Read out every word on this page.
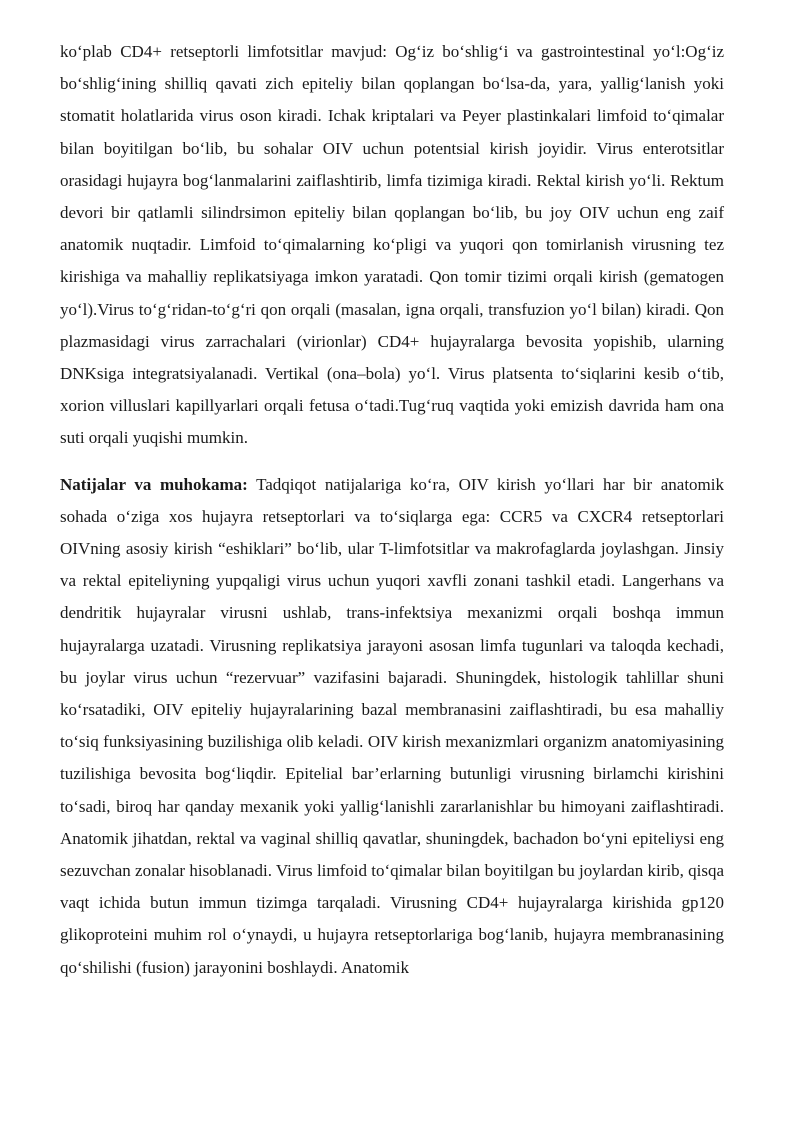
ko‘plab CD4+ retseptorli limfotsitlar mavjud: Og‘iz bo‘shlig‘i va gastrointestinal yo‘l:Og‘iz bo‘shlig‘ining shilliq qavati zich epiteliy bilan qoplangan bo‘lsa-da, yara, yallig‘lanish yoki stomatit holatlarida virus oson kiradi. Ichak kriptalari va Peyer plastinkalari limfoid to‘qimalar bilan boyitilgan bo‘lib, bu sohalar OIV uchun potentsial kirish joyidir. Virus enterotsitlar orasidagi hujayra bog‘lanmalarini zaiflashtirib, limfa tizimiga kiradi. Rektal kirish yo‘li. Rektum devori bir qatlamli silindrsimon epiteliy bilan qoplangan bo‘lib, bu joy OIV uchun eng zaif anatomik nuqtadir. Limfoid to‘qimalarning ko‘pligi va yuqori qon tomirlanish virusning tez kirishiga va mahalliy replikatsiyaga imkon yaratadi. Qon tomir tizimi orqali kirish (gematogen yo‘l).Virus to‘g‘ridan-to‘g‘ri qon orqali (masalan, igna orqali, transfuzion yo‘l bilan) kiradi. Qon plazmasidagi virus zarrachalari (virionlar) CD4+ hujayralarga bevosita yopishib, ularning DNKsiga integratsiyalanadi. Vertikal (ona–bola) yo‘l. Virus platsenta to‘siqlarini kesib o‘tib, xorion villuslari kapillyarlari orqali fetusa o‘tadi.Tug‘ruq vaqtida yoki emizish davrida ham ona suti orqali yuqishi mumkin.

Natijalar va muhokama: Tadqiqot natijalariga ko‘ra, OIV kirish yo‘llari har bir anatomik sohada o‘ziga xos hujayra retseptorlari va to‘siqlarga ega: CCR5 va CXCR4 retseptorlari OIVning asosiy kirish “eshiklari” bo‘lib, ular T-limfotsitlar va makrofaglarda joylashgan. Jinsiy va rektal epiteliyning yupqaligi virus uchun yuqori xavfli zonani tashkil etadi. Langerhans va dendritik hujayralar virusni ushlab, trans-infektsiya mexanizmi orqali boshqa immun hujayralarga uzatadi. Virusning replikatsiya jarayoni asosan limfa tugunlari va taloqda kechadi, bu joylar virus uchun “rezervuar” vazifasini bajaradi. Shuningdek, histologik tahlillar shuni ko‘rsatadiki, OIV epiteliy hujayralarining bazal membranasini zaiflashtiradi, bu esa mahalliy to‘siq funksiyasining buzilishiga olib keladi. OIV kirish mexanizmlari organizm anatomiyasining tuzilishiga bevosita bog‘liqdir. Epitelial bar’erlarning butunligi virusning birlamchi kirishini to‘sadi, biroq har qanday mexanik yoki yallig‘lanishli zararlanishlar bu himoyani zaiflashtiradi. Anatomik jihatdan, rektal va vaginal shilliq qavatlar, shuningdek, bachadon bo‘yni epiteliysi eng sezuvchan zonalar hisoblanadi. Virus limfoid to‘qimalar bilan boyitilgan bu joylardan kirib, qisqa vaqt ichida butun immun tizimga tarqaladi. Virusning CD4+ hujayralarga kirishida gp120 glikoproteini muhim rol o‘ynaydi, u hujayra retseptorlariga bog‘lanib, hujayra membranasining qo‘shilishi (fusion) jarayonini boshlaydi. Anatomik
